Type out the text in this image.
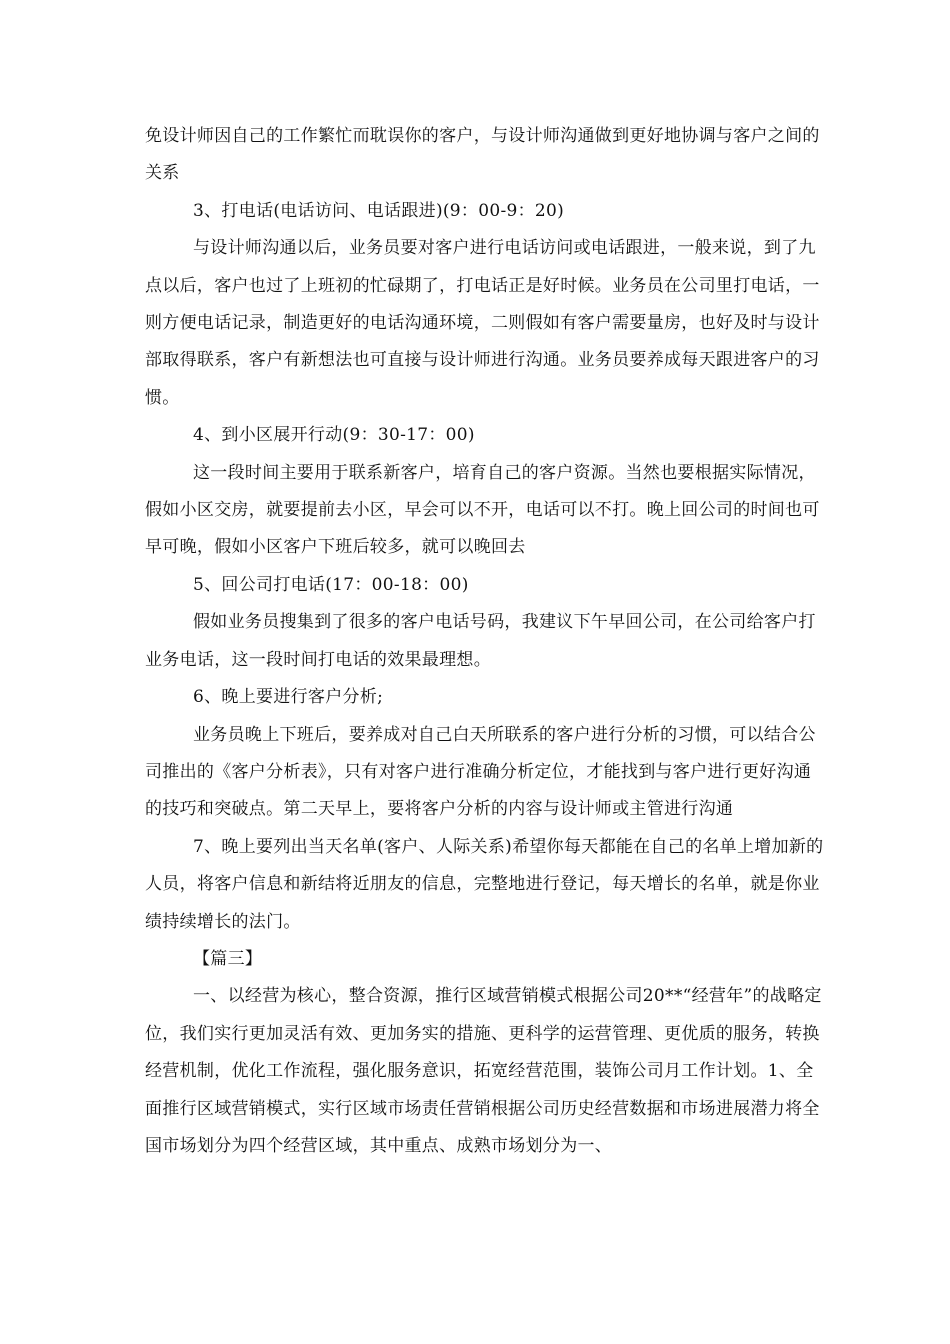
免设计师因自己的工作繁忙而耽误你的客户，与设计师沟通做到更好地协调与客户之间的关系

3、打电话(电话访问、电话跟进)(9：00-9：20)

与设计师沟通以后，业务员要对客户进行电话访问或电话跟进，一般来说，到了九点以后，客户也过了上班初的忙碌期了，打电话正是好时候。业务员在公司里打电话，一则方便电话记录，制造更好的电话沟通环境，二则假如有客户需要量房，也好及时与设计部取得联系，客户有新想法也可直接与设计师进行沟通。业务员要养成每天跟进客户的习惯。

4、到小区展开行动(9：30-17：00)

这一段时间主要用于联系新客户，培育自己的客户资源。当然也要根据实际情况，假如小区交房，就要提前去小区，早会可以不开，电话可以不打。晚上回公司的时间也可早可晚，假如小区客户下班后较多，就可以晚回去

5、回公司打电话(17：00-18：00)

假如业务员搜集到了很多的客户电话号码，我建议下午早回公司，在公司给客户打业务电话，这一段时间打电话的效果最理想。

6、晚上要进行客户分析;

业务员晚上下班后，要养成对自己白天所联系的客户进行分析的习惯，可以结合公司推出的《客户分析表》，只有对客户进行准确分析定位，才能找到与客户进行更好沟通的技巧和突破点。第二天早上，要将客户分析的内容与设计师或主管进行沟通

7、晚上要列出当天名单(客户、人际关系)希望你每天都能在自己的名单上增加新的人员，将客户信息和新结将近朋友的信息，完整地进行登记，每天增长的名单，就是你业绩持续增长的法门。

【篇三】

一、以经营为核心，整合资源，推行区域营销模式根据公司20**“经营年”的战略定位，我们实行更加灵活有效、更加务实的措施、更科学的运营管理、更优质的服务，转换经营机制，优化工作流程，强化服务意识，拓宽经营范围，装饰公司月工作计划。1、全面推行区域营销模式，实行区域市场责任营销根据公司历史经营数据和市场进展潜力将全国市场划分为四个经营区域，其中重点、成熟市场划分为一、
